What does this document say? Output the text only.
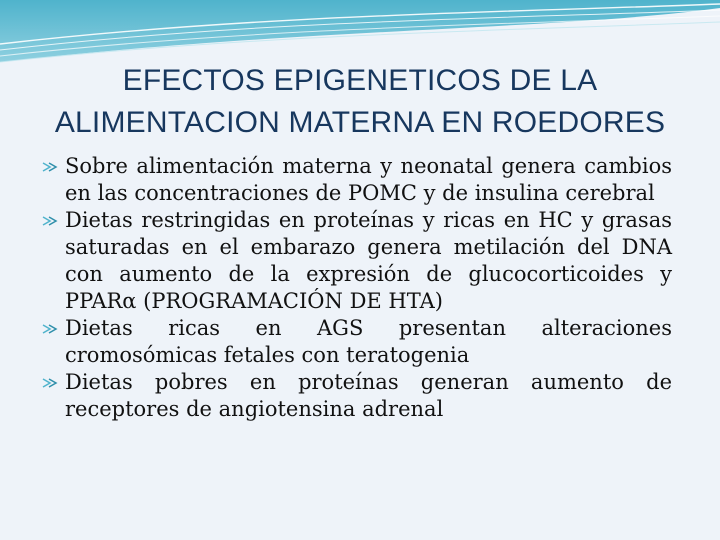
EFECTOS EPIGENETICOS DE LA
ALIMENTACION MATERNA EN ROEDORES
Sobre alimentación materna y neonatal genera cambios en las concentraciones de POMC y de insulina cerebral
Dietas restringidas en proteínas y ricas en HC y grasas saturadas en el embarazo genera metilación del DNA con aumento de la expresión de glucocorticoides y PPARα (PROGRAMACIÓN DE HTA)
Dietas ricas en AGS presentan alteraciones cromosómicas fetales con teratogenia
Dietas pobres en proteínas generan aumento de receptores de angiotensina adrenal
